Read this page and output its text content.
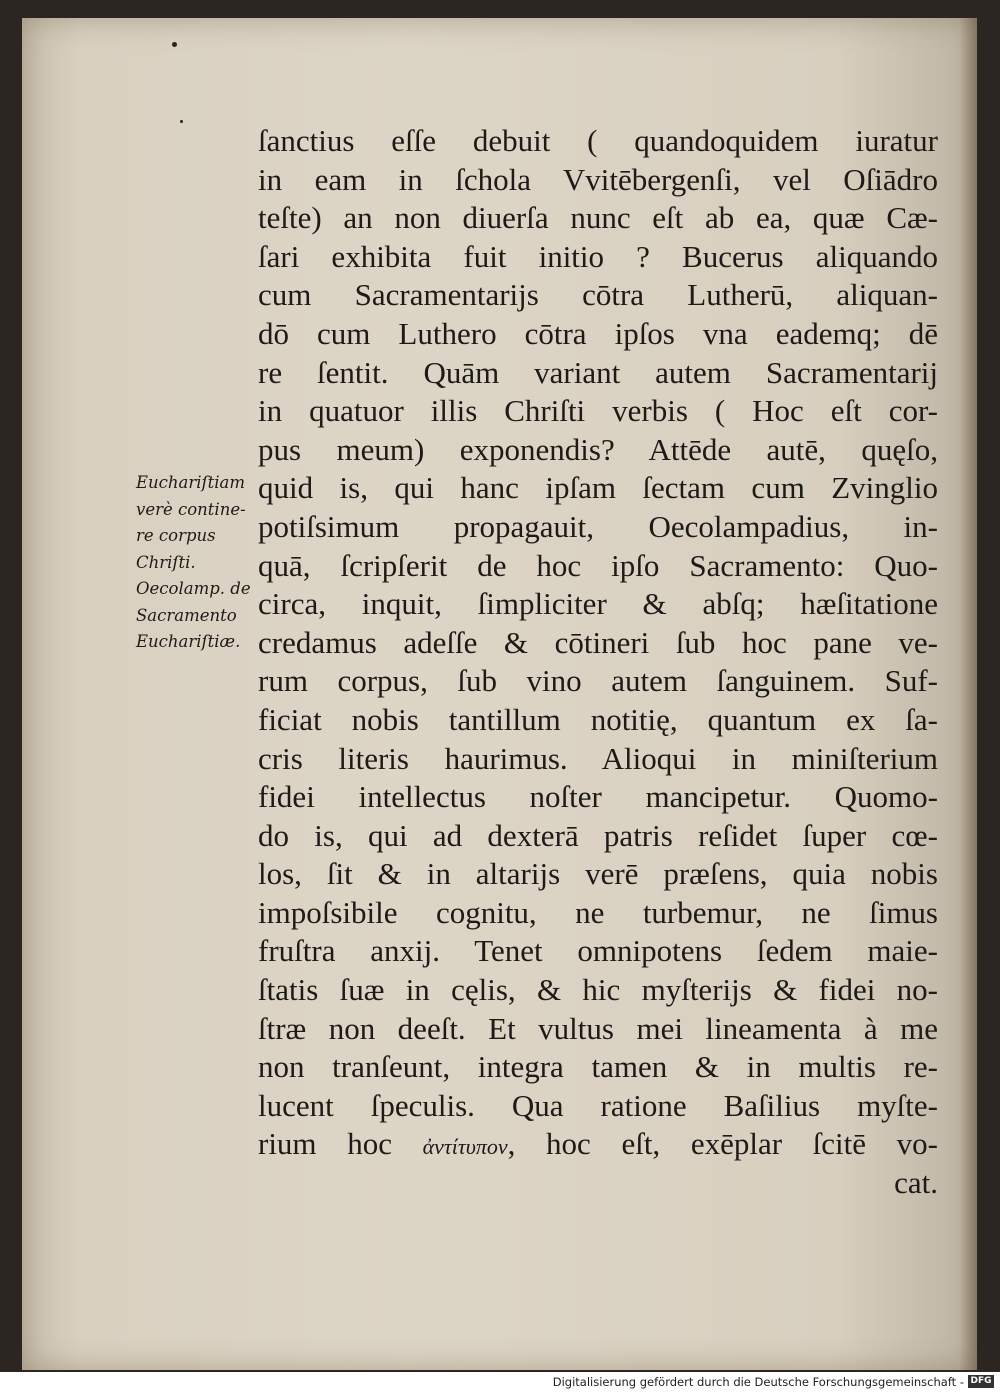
ſanctius eſſe debuit ( quandoquidem iuratur
in eam in ſchola Vvitēbergenſi, vel Oſiādro
teſte) an non diuerſa nunc eſt ab ea, quæ Cæ-
ſari exhibita fuit initio ? Bucerus aliquando
cum Sacramentarijs cōtra Lutherū, aliquan-
dō cum Luthero cōtra ipſos vna eademq; dē
re ſentit. Quām variant autem Sacramentarij
in quatuor illis Chriſti verbis ( Hoc eſt cor-
pus meum) exponendis? Attēde autē, quęſo,
quid is, qui hanc ipſam ſectam cum Zvinglio
potiſsimum propagauit, Oecolampadius, in-
quā, ſcripſerit de hoc ipſo Sacramento: Quo-
circa, inquit, ſimpliciter & abſq; hæſitatione
credamus adeſſe & cōtineri ſub hoc pane ve-
rum corpus, ſub vino autem ſanguinem. Suf-
ficiat nobis tantillum notitię, quantum ex ſa-
cris literis haurimus. Alioqui in miniſterium
fidei intellectus noſter mancipetur. Quomo-
do is, qui ad dexterā patris reſidet ſuper cœ-
los, ſit & in altarijs verē præſens, quia nobis
impoſsibile cognitu, ne turbemur, ne ſimus
fruſtra anxij. Tenet omnipotens ſedem maie-
ſtatis ſuæ in cęlis, & hic myſterijs & fidei no-
ſtræ non deeſt. Et vultus mei lineamenta à me
non tranſeunt, integra tamen & in multis re-
lucent ſpeculis. Qua ratione Baſilius myſte-
rium hoc ἀντίτυπον, hoc eſt, exēplar ſcitē vo-
cat.
Euchariſtiam
verè contine-
re corpus
Chriſti.
Oecolamp. de
Sacramento
Euchariſtiæ.
Digitalisierung gefördert durch die Deutsche Forschungsgemeinschaft - DFG
